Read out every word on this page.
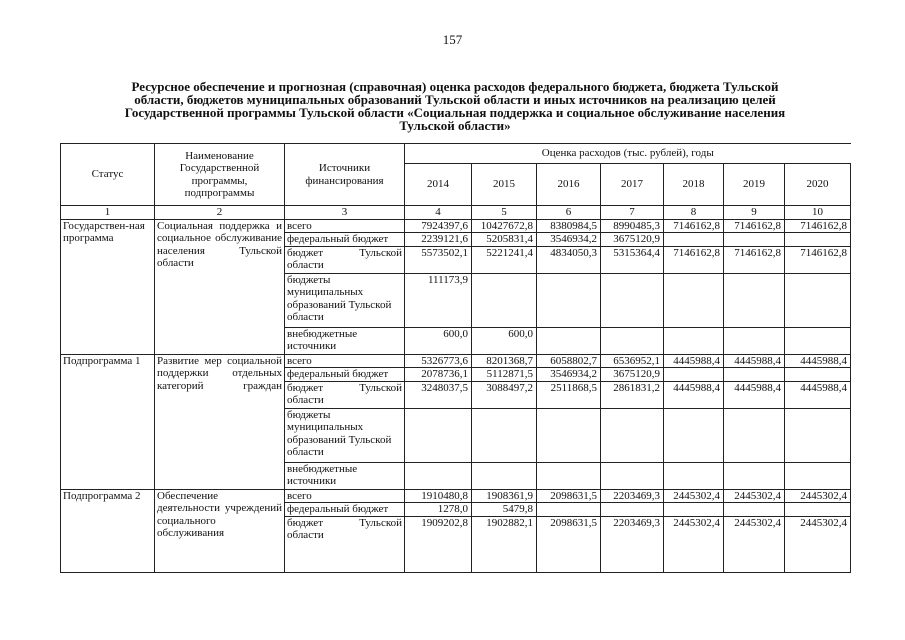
157
Ресурсное обеспечение и прогнозная (справочная) оценка расходов федерального бюджета, бюджета Тульской
области, бюджетов муниципальных образований Тульской области и иных источников на реализацию целей
Государственной программы Тульской области «Социальная поддержка и социальное обслуживание населения
Тульской области»
Статус	Наименование Государственной программы, подпрограммы	Источники финансирования	Оценка расходов (тыс. рублей), годы						
			2014	2015	2016	2017	2018	2019	2020
1	2	3	4	5	6	7	8	9	10
Государствен-ная программа	Социальная поддержка и социальное обслуживание населения Тульской области	всего	7924397,6	10427672,8	8380984,5	8990485,3	7146162,8	7146162,8	7146162,8
		федеральный бюджет	2239121,6	5205831,4	3546934,2	3675120,9			
		бюджет Тульской области	5573502,1	5221241,4	4834050,3	5315364,4	7146162,8	7146162,8	7146162,8
		бюджеты муниципальных образований Тульской области	111173,9						
		внебюджетные источники	600,0	600,0					
Подпрограмма 1	Развитие мер социальной поддержки отдельных категорий граждан	всего	5326773,6	8201368,7	6058802,7	6536952,1	4445988,4	4445988,4	4445988,4
		федеральный бюджет	2078736,1	5112871,5	3546934,2	3675120,9			
		бюджет Тульской области	3248037,5	3088497,2	2511868,5	2861831,2	4445988,4	4445988,4	4445988,4
		бюджеты муниципальных образований Тульской области							
		внебюджетные источники							
Подпрограмма 2	Обеспечение деятельности учреждений социального обслуживания	всего	1910480,8	1908361,9	2098631,5	2203469,3	2445302,4	2445302,4	2445302,4
		федеральный бюджет	1278,0	5479,8					
		бюджет Тульской области	1909202,8	1902882,1	2098631,5	2203469,3	2445302,4	2445302,4	2445302,4
